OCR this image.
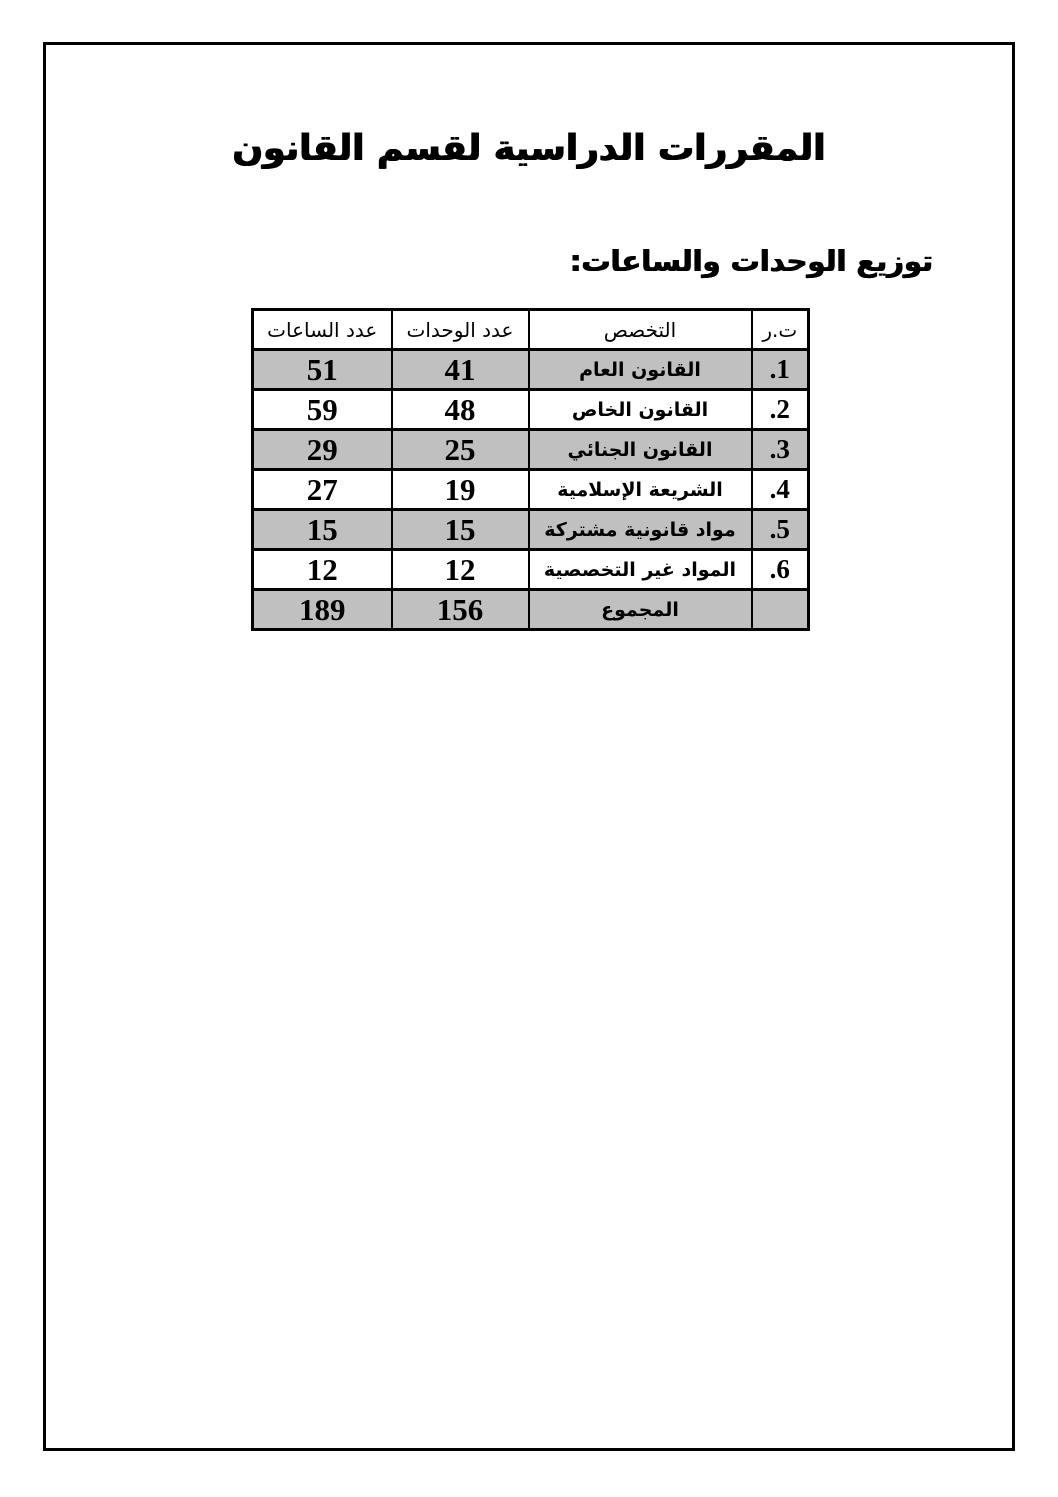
المقررات الدراسية لقسم القانون
توزيع الوحدات والساعات:
ر.ت	التخصص	عدد الوحدات	عدد الساعات
.1	القانون العام	41	51
.2	القانون الخاص	48	59
.3	القانون الجنائي	25	29
.4	الشريعة الإسلامية	19	27
.5	مواد قانونية مشتركة	15	15
.6	المواد غير التخصصية	12	12
	المجموع	156	189
